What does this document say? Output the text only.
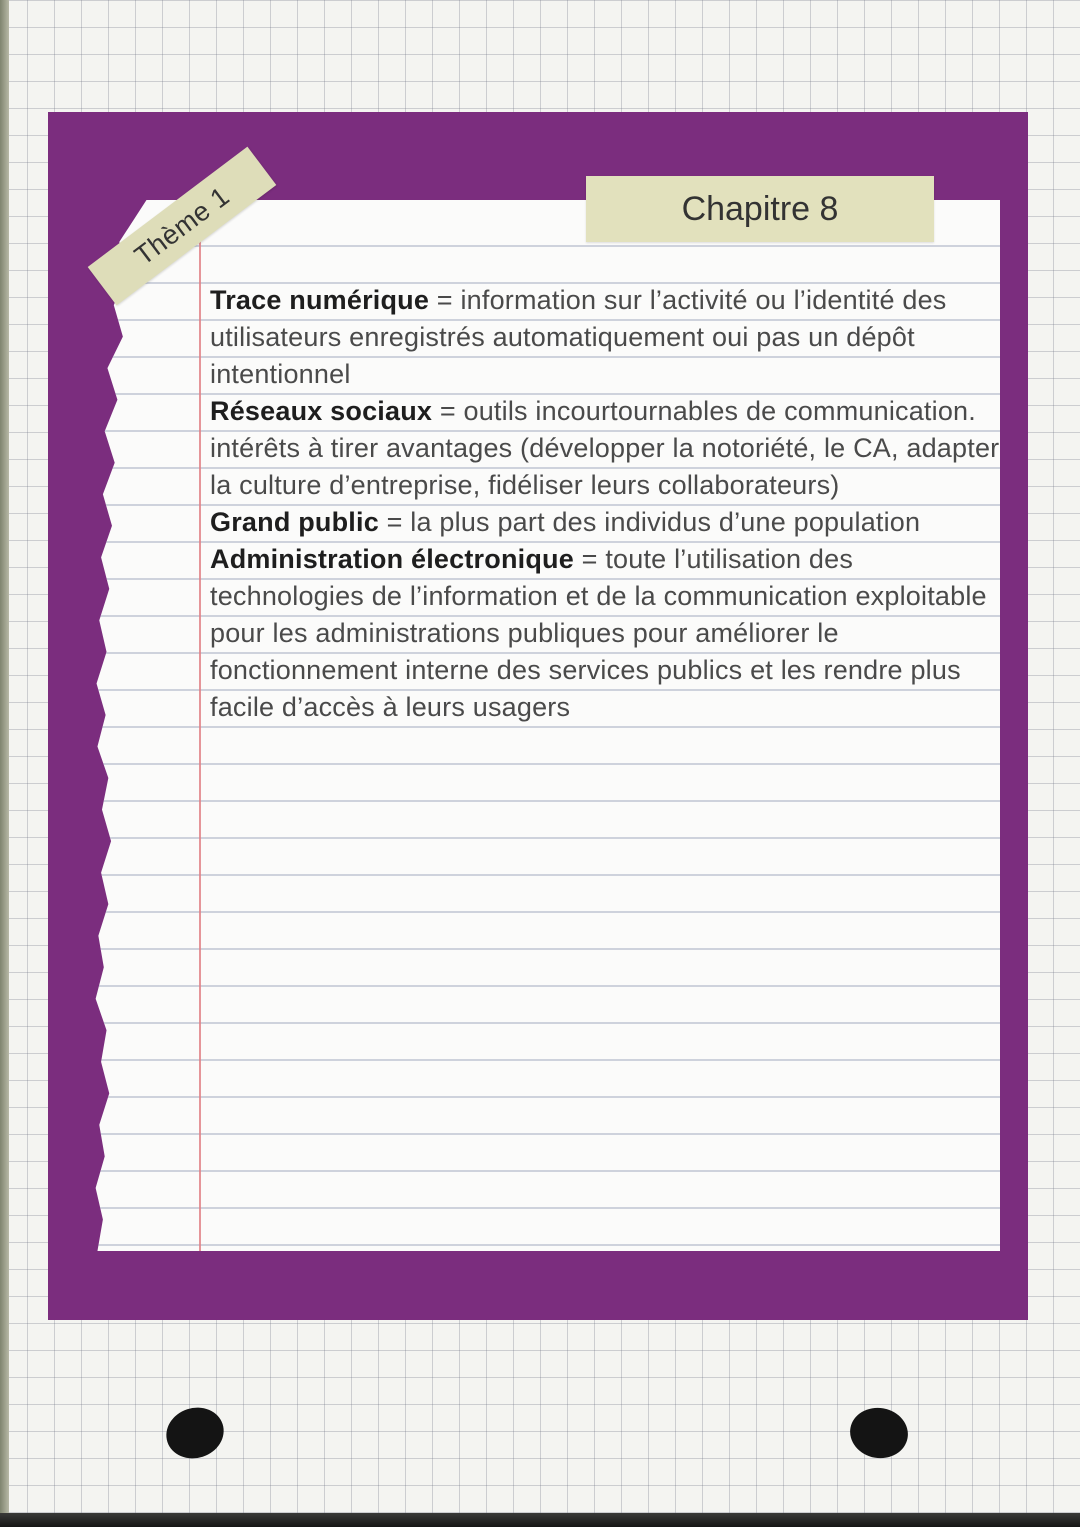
Thème 1	Chapitre 8

Trace numérique = information sur l’activité ou l’identité des utilisateurs enregistrés automatiquement oui pas un dépôt intentionnel

Réseaux sociaux = outils incourtournables de communication. intérêts à tirer avantages (développer la notoriété, le CA, adapter la culture d’entreprise, fidéliser leurs collaborateurs)

Grand public = la plus part des individus d’une population

Administration électronique = toute l’utilisation des technologies de l’information et de la communication exploitable pour les administrations publiques pour améliorer le fonctionnement interne des services publics et les rendre plus facile d’accès à leurs usagers
